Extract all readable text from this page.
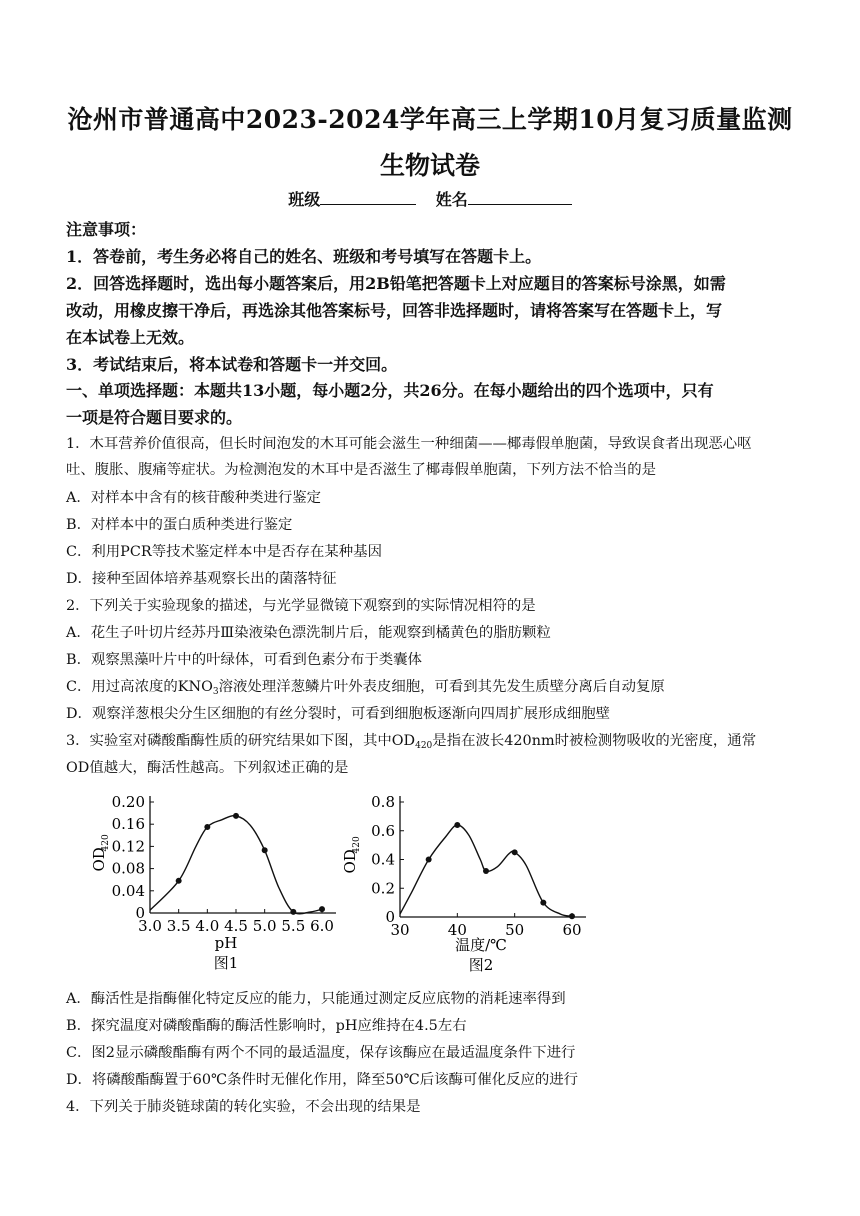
沧州市普通高中2023-2024学年高三上学期10月复习质量监测
生物试卷
班级	姓名
注意事项：
1．答卷前，考生务必将自己的姓名、班级和考号填写在答题卡上。
2．回答选择题时，选出每小题答案后，用2B铅笔把答题卡上对应题目的答案标号涂黑，如需
改动，用橡皮擦干净后，再选涂其他答案标号，回答非选择题时，请将答案写在答题卡上，写
在本试卷上无效。
3．考试结束后，将本试卷和答题卡一并交回。
一、单项选择题：本题共13小题，每小题2分，共26分。在每小题给出的四个选项中，只有
一项是符合题目要求的。
1．木耳营养价值很高，但长时间泡发的木耳可能会滋生一种细菌——椰毒假单胞菌，导致误食者出现恶心呕
吐、腹胀、腹痛等症状。为检测泡发的木耳中是否滋生了椰毒假单胞菌，下列方法不恰当的是
A．对样本中含有的核苷酸种类进行鉴定
B．对样本中的蛋白质种类进行鉴定
C．利用PCR等技术鉴定样本中是否存在某种基因
D．接种至固体培养基观察长出的菌落特征
2．下列关于实验现象的描述，与光学显微镜下观察到的实际情况相符的是
A．花生子叶切片经苏丹Ⅲ染液染色漂洗制片后，能观察到橘黄色的脂肪颗粒
B．观察黑藻叶片中的叶绿体，可看到色素分布于类囊体
C．用过高浓度的$KNO_3$溶液处理洋葱鳞片叶外表皮细胞，可看到其先发生质壁分离后自动复原
D．观察洋葱根尖分生区细胞的有丝分裂时，可看到细胞板逐渐向四周扩展形成细胞壁
3．实验室对磷酸酯酶性质的研究结果如下图，其中$OD_{420}$是指在波长420nm时被检测物吸收的光密度，通常
OD值越大，酶活性越高。下列叙述正确的是
0
0.04
0.08
0.12
0.16
0.20
3.0 3.5 4.0 4.5 5.0 5.5 6.0
pH
OD
420
图1
0
0.2
0.4
0.6
0.8
30	40	50	60
温度/℃
OD
420
图2
A．酶活性是指酶催化特定反应的能力，只能通过测定反应底物的消耗速率得到
B．探究温度对磷酸酯酶的酶活性影响时，pH应维持在4.5左右
C．图2显示磷酸酯酶有两个不同的最适温度，保存该酶应在最适温度条件下进行
D．将磷酸酯酶置于60℃条件时无催化作用，降至50℃后该酶可催化反应的进行
4．下列关于肺炎链球菌的转化实验，不会出现的结果是
